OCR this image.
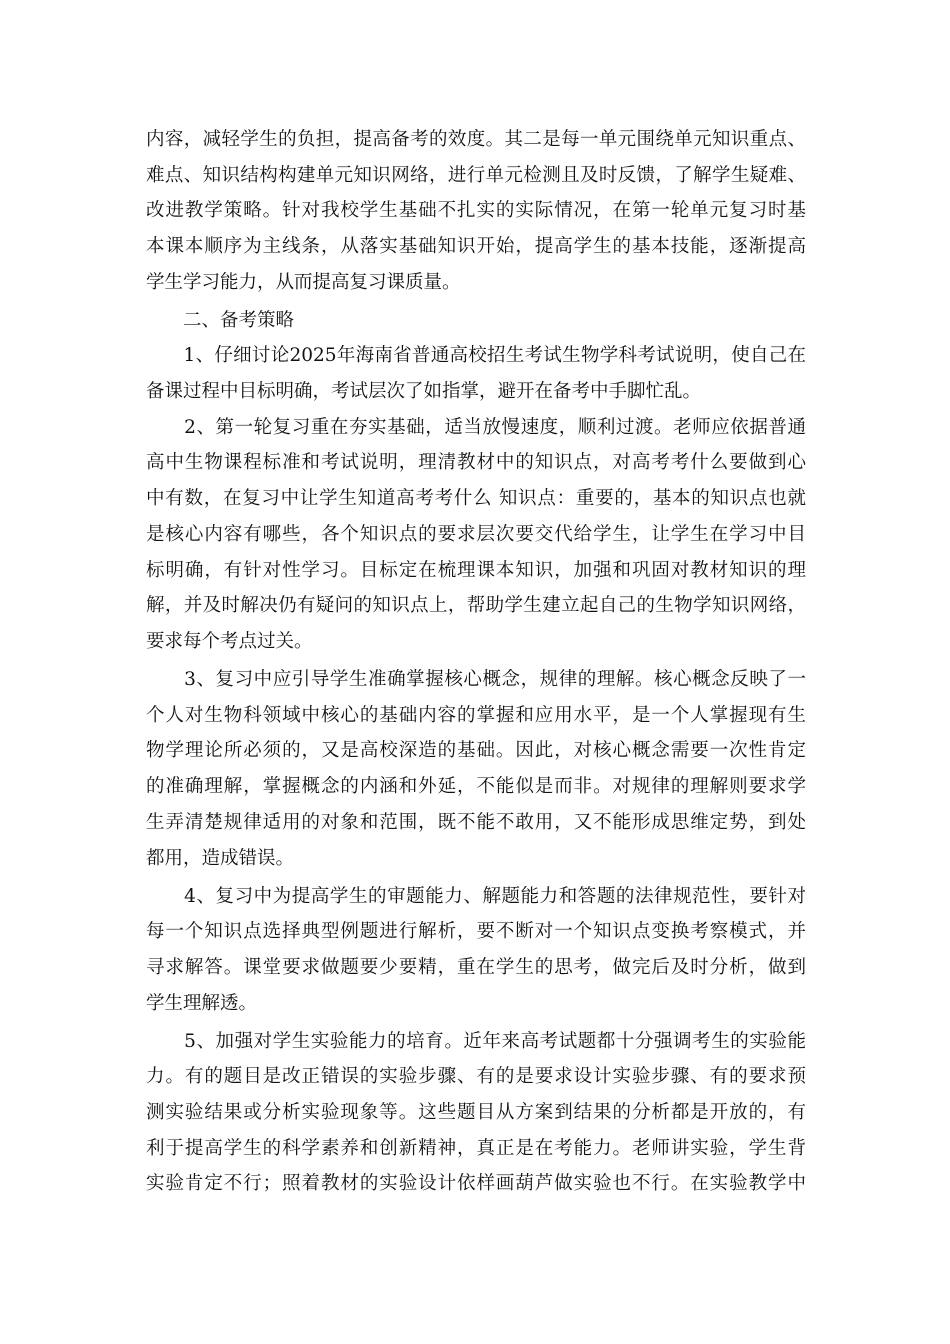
内容，减轻学生的负担，提高备考的效度。其二是每一单元围绕单元知识重点、
难点、知识结构构建单元知识网络，进行单元检测且及时反馈，了解学生疑难、
改进教学策略。针对我校学生基础不扎实的实际情况，在第一轮单元复习时基
本课本顺序为主线条，从落实基础知识开始，提高学生的基本技能，逐渐提高
学生学习能力，从而提高复习课质量。
　　二、备考策略
　　1、仔细讨论2025年海南省普通高校招生考试生物学科考试说明，使自己在
备课过程中目标明确，考试层次了如指掌，避开在备考中手脚忙乱。
　　2、第一轮复习重在夯实基础，适当放慢速度，顺利过渡。老师应依据普通
高中生物课程标准和考试说明，理清教材中的知识点，对高考考什么要做到心
中有数，在复习中让学生知道高考考什么 知识点：重要的，基本的知识点也就
是核心内容有哪些，各个知识点的要求层次要交代给学生，让学生在学习中目
标明确，有针对性学习。目标定在梳理课本知识，加强和巩固对教材知识的理
解，并及时解决仍有疑问的知识点上，帮助学生建立起自己的生物学知识网络，
要求每个考点过关。
　　3、复习中应引导学生准确掌握核心概念，规律的理解。核心概念反映了一
个人对生物科领域中核心的基础内容的掌握和应用水平，是一个人掌握现有生
物学理论所必须的，又是高校深造的基础。因此，对核心概念需要一次性肯定
的准确理解，掌握概念的内涵和外延，不能似是而非。对规律的理解则要求学
生弄清楚规律适用的对象和范围，既不能不敢用，又不能形成思维定势，到处
都用，造成错误。
　　4、复习中为提高学生的审题能力、解题能力和答题的法律规范性，要针对
每一个知识点选择典型例题进行解析，要不断对一个知识点变换考察模式，并
寻求解答。课堂要求做题要少要精，重在学生的思考，做完后及时分析，做到
学生理解透。
　　5、加强对学生实验能力的培育。近年来高考试题都十分强调考生的实验能
力。有的题目是改正错误的实验步骤、有的是要求设计实验步骤、有的要求预
测实验结果或分析实验现象等。这些题目从方案到结果的分析都是开放的，有
利于提高学生的科学素养和创新精神，真正是在考能力。老师讲实验，学生背
实验肯定不行；照着教材的实验设计依样画葫芦做实验也不行。在实验教学中
